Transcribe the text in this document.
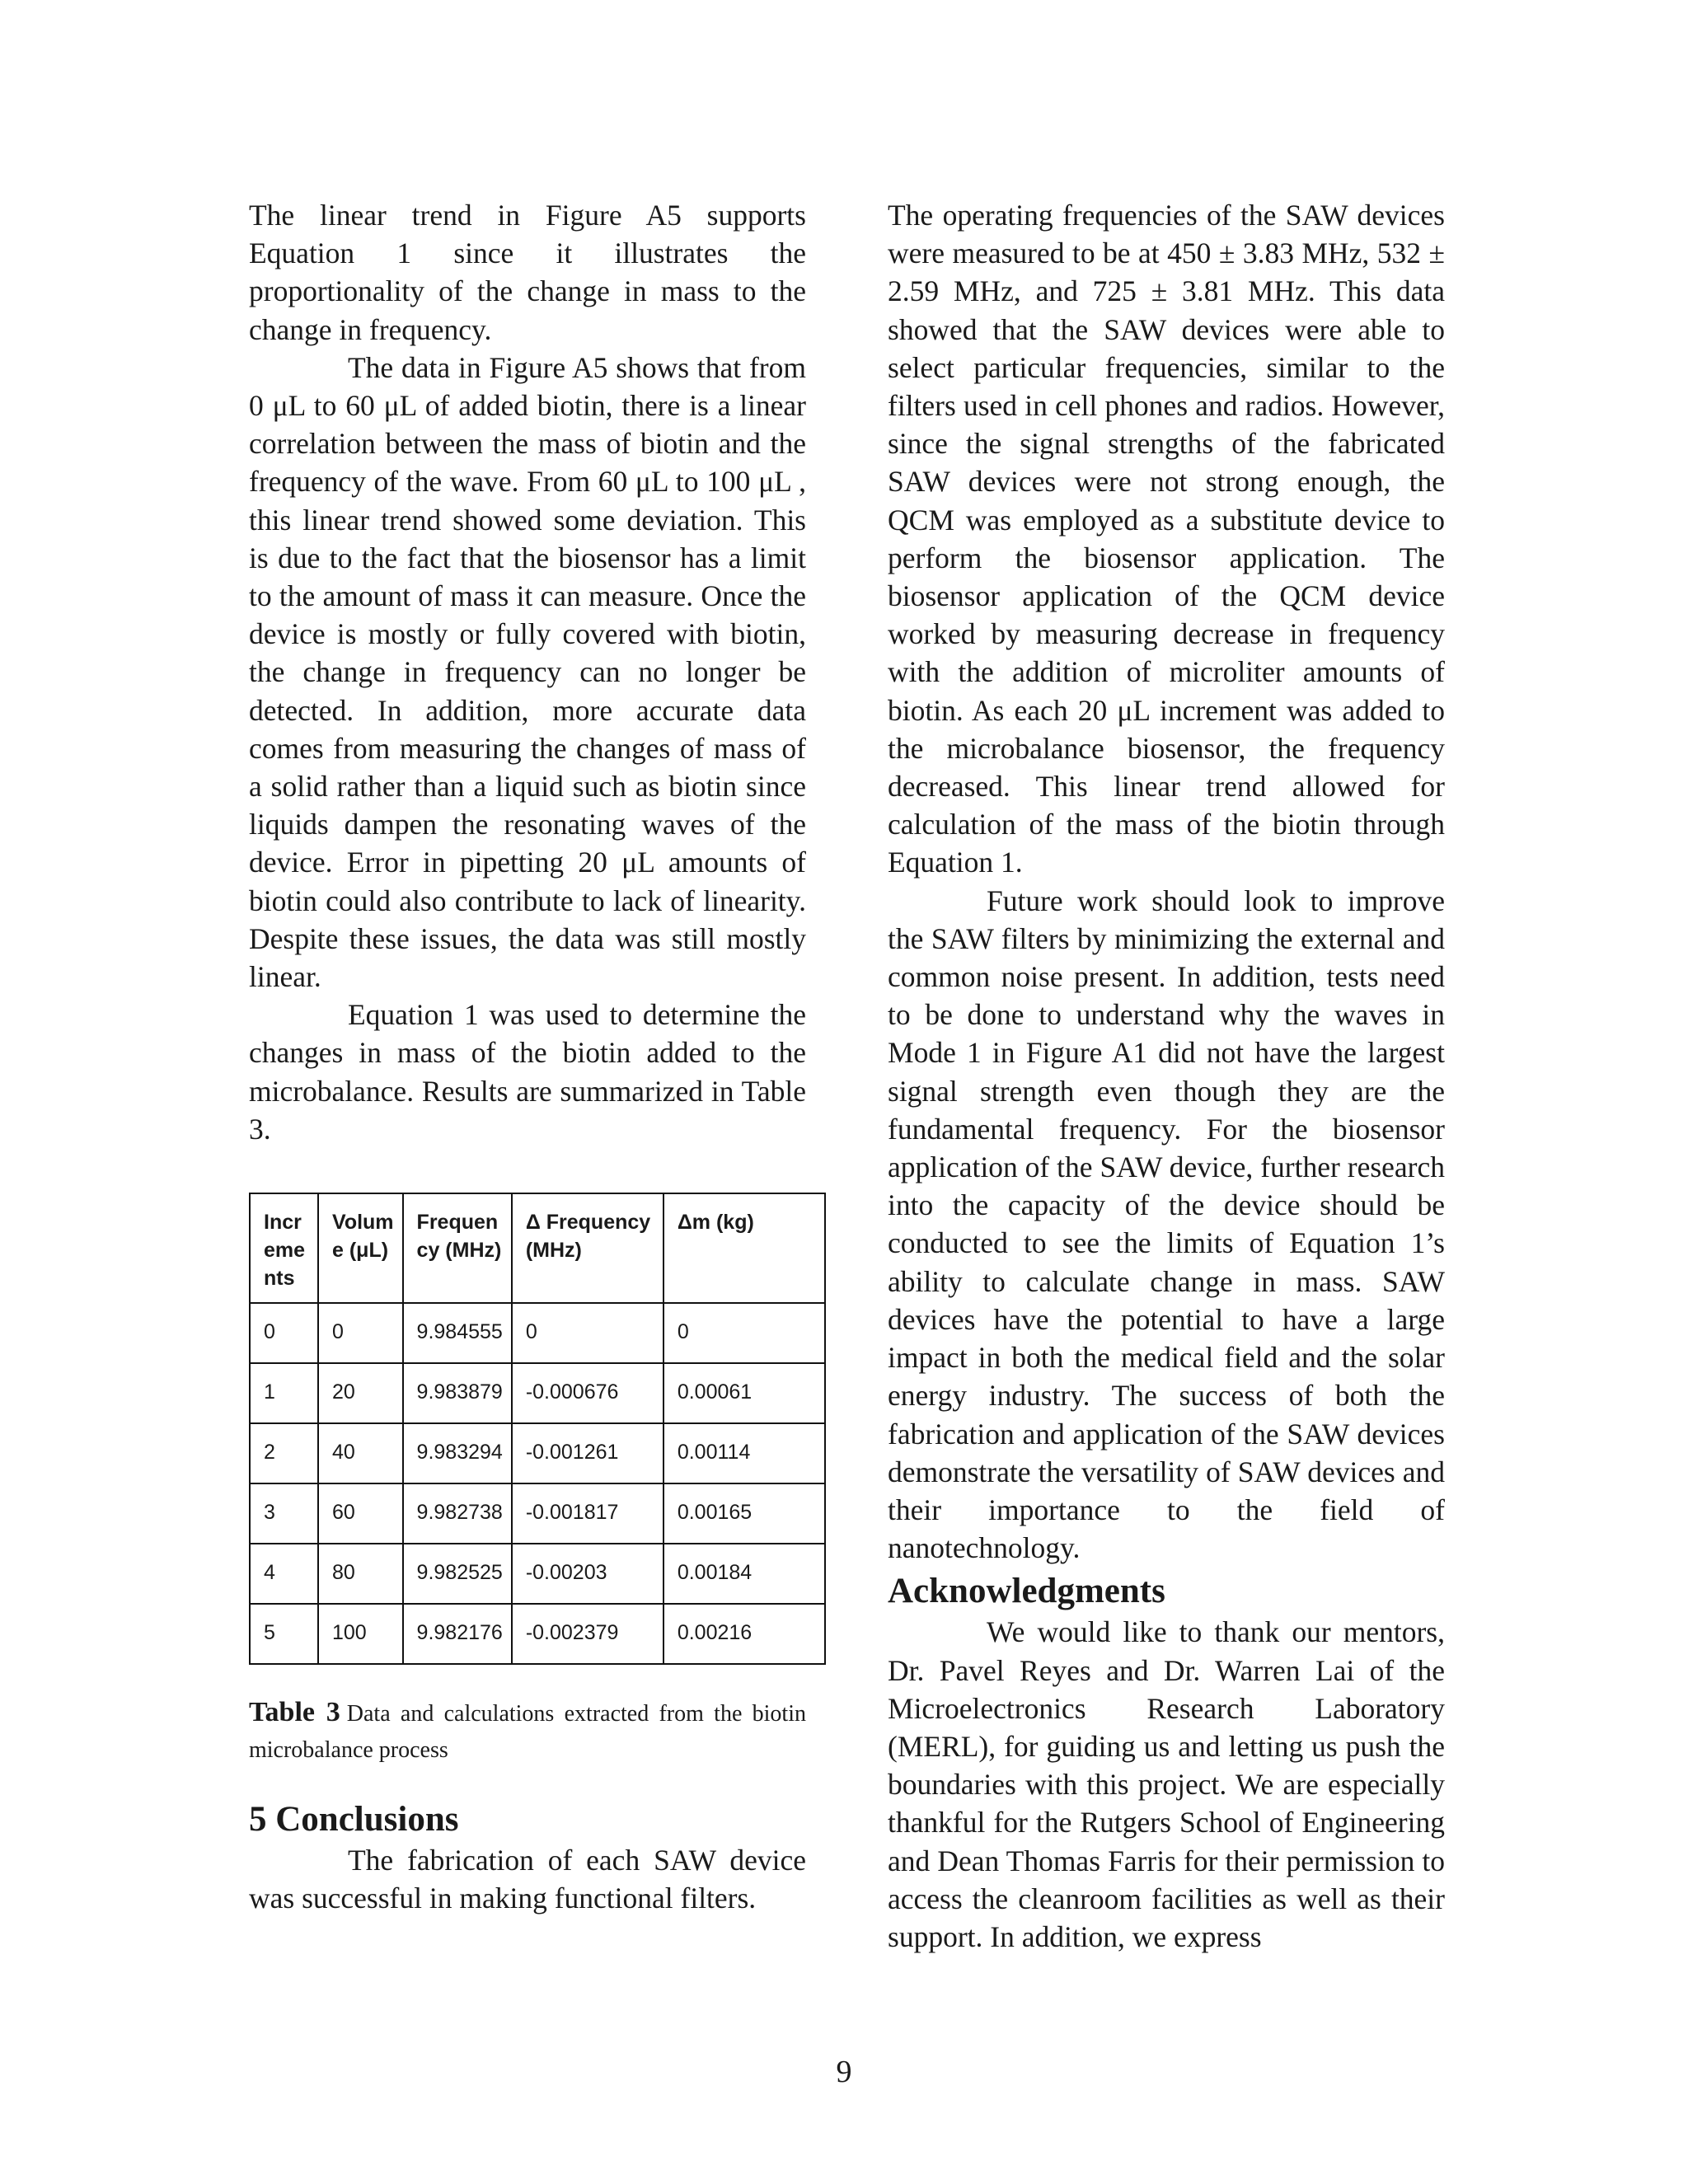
The linear trend in Figure A5 supports Equation 1 since it illustrates the proportionality of the change in mass to the change in frequency.

The data in Figure A5 shows that from 0 μL to 60 μL of added biotin, there is a linear correlation between the mass of biotin and the frequency of the wave. From 60 μL to 100 μL , this linear trend showed some deviation. This is due to the fact that the biosensor has a limit to the amount of mass it can measure. Once the device is mostly or fully covered with biotin, the change in frequency can no longer be detected. In addition, more accurate data comes from measuring the changes of mass of a solid rather than a liquid such as biotin since liquids dampen the resonating waves of the device. Error in pipetting 20 μL amounts of biotin could also contribute to lack of linearity. Despite these issues, the data was still mostly linear.

Equation 1 was used to determine the changes in mass of the biotin added to the microbalance. Results are summarized in Table 3.

Incr eme nts	Volum e (μL)	Frequen cy (MHz)	Δ Frequency (MHz)	Δm (kg)
0	0	9.984555	0	0
1	20	9.983879	-0.000676	0.00061
2	40	9.983294	-0.001261	0.00114
3	60	9.982738	-0.001817	0.00165
4	80	9.982525	-0.00203	0.00184
5	100	9.982176	-0.002379	0.00216

Table 3 Data and calculations extracted from the biotin microbalance process

5 Conclusions

The fabrication of each SAW device was successful in making functional filters.

The operating frequencies of the SAW devices were measured to be at 450 ± 3.83 MHz, 532 ± 2.59 MHz, and 725 ± 3.81 MHz. This data showed that the SAW devices were able to select particular frequencies, similar to the filters used in cell phones and radios. However, since the signal strengths of the fabricated SAW devices were not strong enough, the QCM was employed as a substitute device to perform the biosensor application. The biosensor application of the QCM device worked by measuring decrease in frequency with the addition of microliter amounts of biotin. As each 20 μL increment was added to the microbalance biosensor, the frequency decreased. This linear trend allowed for calculation of the mass of the biotin through Equation 1.

Future work should look to improve the SAW filters by minimizing the external and common noise present. In addition, tests need to be done to understand why the waves in Mode 1 in Figure A1 did not have the largest signal strength even though they are the fundamental frequency. For the biosensor application of the SAW device, further research into the capacity of the device should be conducted to see the limits of Equation 1’s ability to calculate change in mass. SAW devices have the potential to have a large impact in both the medical field and the solar energy industry. The success of both the fabrication and application of the SAW devices demonstrate the versatility of SAW devices and their importance to the field of nanotechnology.

Acknowledgments

We would like to thank our mentors, Dr. Pavel Reyes and Dr. Warren Lai of the Microelectronics Research Laboratory (MERL), for guiding us and letting us push the boundaries with this project. We are especially thankful for the Rutgers School of Engineering and Dean Thomas Farris for their permission to access the cleanroom facilities as well as their support. In addition, we express

9
